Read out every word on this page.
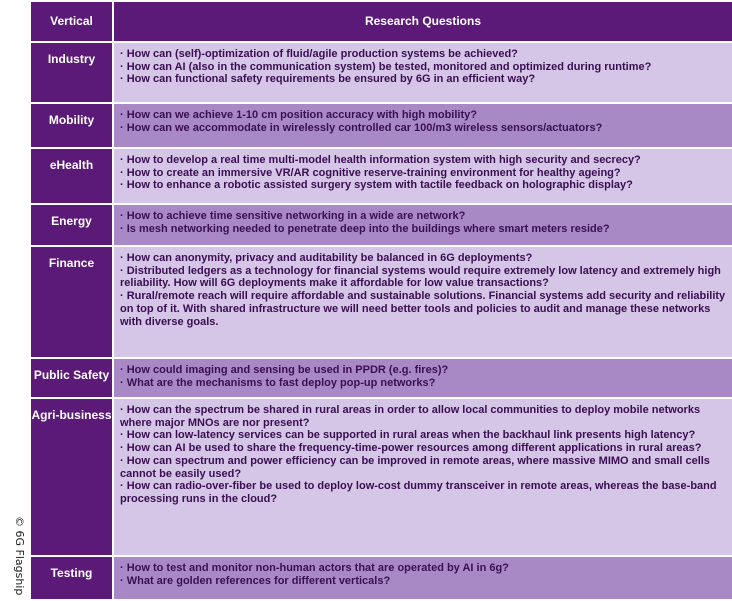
© 6G Flagship
Vertical	Research Questions
Industry	· How can (self)-optimization of fluid/agile production systems be achieved?
· How can AI (also in the communication system) be tested, monitored and optimized during runtime?
· How can functional safety requirements be ensured by 6G in an efficient way?

Mobility	· How can we achieve 1-10 cm position accuracy with high mobility?
· How can we accommodate in wirelessly controlled car 100/m3 wireless sensors/actuators?

eHealth	· How to develop a real time multi-model health information system with high security and secrecy?
· How to create an immersive VR/AR cognitive reserve-training environment for healthy ageing?
· How to enhance a robotic assisted surgery system with tactile feedback on holographic display?

Energy	· How to achieve time sensitive networking in a wide are network?
· Is mesh networking needed to penetrate deep into the buildings where smart meters reside?

Finance	· How can anonymity, privacy and auditability be balanced in 6G deployments?
· Distributed ledgers as a technology for financial systems would require extremely low latency and extremely high
reliability. How will 6G deployments make it affordable for low value transactions?
· Rural/remote reach will require affordable and sustainable solutions. Financial systems add security and reliability on top of it. With shared infrastructure we will need better tools and policies to audit and manage these networks with diverse goals.

Public Safety	· How could imaging and sensing be used in PPDR (e.g. fires)?
· What are the mechanisms to fast deploy pop-up networks?

Agri-business	· How can the spectrum be shared in rural areas in order to allow local communities to deploy mobile networks where major MNOs are nor present?
· How can low-latency services can be supported in rural areas when the backhaul link presents high latency?
· How can AI be used to share the frequency-time-power resources among different applications in rural areas?
· How can spectrum and power efficiency can be improved in remote areas, where massive MIMO and small cells cannot be easily used?
· How can radio-over-fiber be used to deploy low-cost dummy transceiver in remote areas, whereas the base-band processing runs in the cloud?

Testing	· How to test and monitor non-human actors that are operated by AI in 6g?
· What are golden references for different verticals?
